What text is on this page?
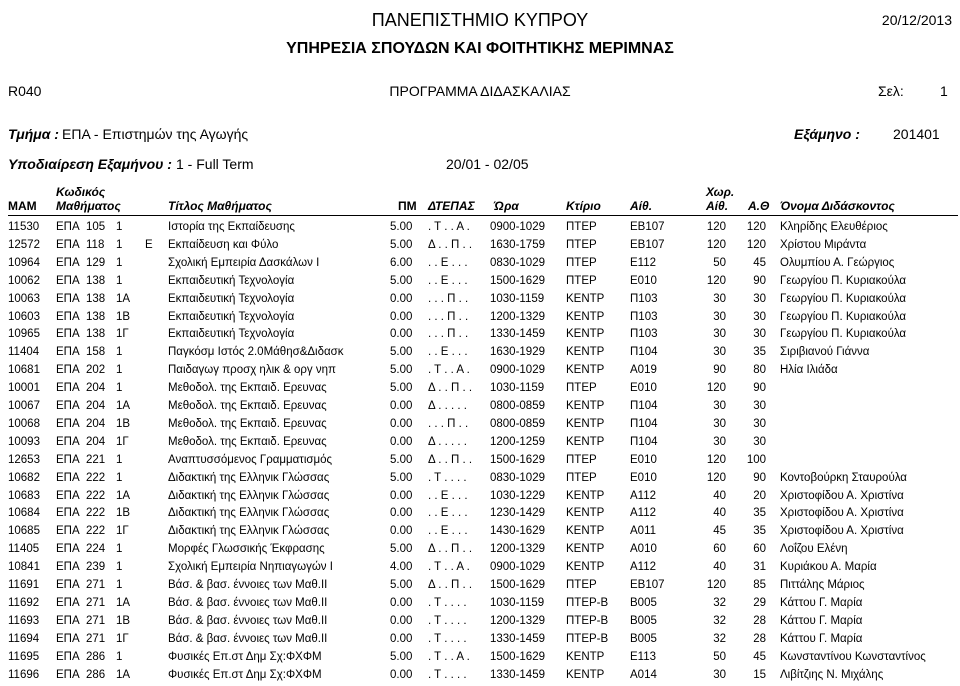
ΠΑΝΕΠΙΣΤΗΜΙΟ ΚΥΠΡΟΥ
ΥΠΗΡΕΣΙΑ ΣΠΟΥΔΩΝ ΚΑΙ ΦΟΙΤΗΤΙΚΗΣ ΜΕΡΙΜΝΑΣ
20/12/2013
R040	ΠΡΟΓΡΑΜΜΑ ΔΙΔΑΣΚΑΛΙΑΣ	Σελ:	1
Τμήμα : ΕΠΑ - Επιστημών της Αγωγής	Εξάμηνο : 201401
Υποδιαίρεση Εξαμήνου : 1 - Full Term	20/01 - 02/05
ΜΑΜ
Κωδικός
Μαθήματος	Τίτλος Μαθήματος	ΠΜ ΔΤΕΠΑΣ Ώρα	Κτίριο Αίθ.
Χωρ.
Αίθ. Α.Θ Όνομα Διδάσκοντος
11530	ΕΠΑ 105 1	Ιστορία της Εκπαίδευσης	5.00	. Τ . . Α .	0900-1029	ΠΤΕΡ	ΕΒ107	120	120 Κληρίδης Ελευθέριος
12572	ΕΠΑ 118	1	Ε	Εκπαίδευση και Φύλο	5.00	Δ . . Π . .	1630-1759	ΠΤΕΡ	ΕΒ107	120	120 Χρίστου Μιράντα
10964	ΕΠΑ 129 1	Σχολική Εμπειρία Δασκάλων Ι	6.00	. . Ε . . .	0830-1029	ΠΤΕΡ	Ε112	50	45 Ολυμπίου Α. Γεώργιος
10062	ΕΠΑ 138 1	Εκπαιδευτική Τεχνολογία	5.00	. . Ε . . .	1500-1629	ΠΤΕΡ	Ε010	120	90 Γεωργίου Π. Κυριακούλα
10063	ΕΠΑ 138 1Α	Εκπαιδευτική Τεχνολογία	0.00	. . . Π . .	1030-1159	ΚΕΝΤΡ	Π103	30	30 Γεωργίου Π. Κυριακούλα
10603	ΕΠΑ 138 1Β	Εκπαιδευτική Τεχνολογία	0.00	. . . Π . .	1200-1329	ΚΕΝΤΡ	Π103	30	30 Γεωργίου Π. Κυριακούλα
10965	ΕΠΑ 138 1Γ	Εκπαιδευτική Τεχνολογία	0.00	. . . Π . .	1330-1459	ΚΕΝΤΡ	Π103	30	30 Γεωργίου Π. Κυριακούλα
11404	ΕΠΑ 158 1	Παγκόσμ Ιστός 2.0Μάθησ&Διδασκ	5.00	. . Ε . . .	1630-1929	ΚΕΝΤΡ	Π104	30	35 Σιριβιανού Γιάννα
10681	ΕΠΑ 202 1	Παιδαγωγ προσχ ηλικ & οργ νηπ	5.00	. Τ . . Α .	0900-1029	ΚΕΝΤΡ	Α019	90	80 Ηλία Ιλιάδα
10001	ΕΠΑ 204 1	Μεθοδολ. της Εκπαιδ. Ερευνας	5.00	Δ . . Π . .	1030-1159	ΠΤΕΡ	Ε010	120	90
10067	ΕΠΑ 204 1Α	Μεθοδολ. της Εκπαιδ. Ερευνας	0.00	Δ . . . . .	0800-0859	ΚΕΝΤΡ	Π104	30	30
10068	ΕΠΑ 204 1Β	Μεθοδολ. της Εκπαιδ. Ερευνας	0.00	. . . Π . .	0800-0859	ΚΕΝΤΡ	Π104	30	30
10093	ΕΠΑ 204 1Γ	Μεθοδολ. της Εκπαιδ. Ερευνας	0.00	Δ . . . . .	1200-1259	ΚΕΝΤΡ	Π104	30	30
12653	ΕΠΑ 221 1	Αναπτυσσόμενος Γραμματισμός	5.00	Δ . . Π . .	1500-1629	ΠΤΕΡ	Ε010	120	100
10682	ΕΠΑ 222 1	Διδακτική της Ελληνικ Γλώσσας	5.00	. Τ . . . .	0830-1029	ΠΤΕΡ	Ε010	120	90 Κοντοβούρκη Σταυρούλα
10683	ΕΠΑ 222 1Α	Διδακτική της Ελληνικ Γλώσσας	0.00	. . Ε . . .	1030-1229	ΚΕΝΤΡ	Α112	40	20 Χριστοφίδου Α. Χριστίνα
10684	ΕΠΑ 222 1Β	Διδακτική της Ελληνικ Γλώσσας	0.00	. . Ε . . .	1230-1429	ΚΕΝΤΡ	Α112	40	35 Χριστοφίδου Α. Χριστίνα
10685	ΕΠΑ 222 1Γ	Διδακτική της Ελληνικ Γλώσσας	0.00	. . Ε . . .	1430-1629	ΚΕΝΤΡ	Α011	45	35 Χριστοφίδου Α. Χριστίνα
11405	ΕΠΑ 224 1	Μορφές Γλωσσικής Έκφρασης	5.00	Δ . . Π . .	1200-1329	ΚΕΝΤΡ	Α010	60	60 Λοΐζου Ελένη
10841	ΕΠΑ 239 1	Σχολική Εμπειρία Νηπιαγωγών Ι	4.00	. Τ . . Α .	0900-1029	ΚΕΝΤΡ	Α112	40	31 Κυριάκου Α. Μαρία
11691	ΕΠΑ 271 1	Βάσ. & βασ. έννοιες των Μαθ.ΙΙ	5.00	Δ . . Π . .	1500-1629	ΠΤΕΡ	ΕΒ107	120	85 Πιττάλης Μάριος
11692	ΕΠΑ 271 1Α	Βάσ. & βασ. έννοιες των Μαθ.ΙΙ	0.00	. Τ . . . .	1030-1159	ΠΤΕΡ-Β	Β005	32	29 Κάττου Γ. Μαρία
11693	ΕΠΑ 271 1Β	Βάσ. & βασ. έννοιες των Μαθ.ΙΙ	0.00	. Τ . . . .	1200-1329	ΠΤΕΡ-Β	Β005	32	28 Κάττου Γ. Μαρία
11694	ΕΠΑ 271 1Γ	Βάσ. & βασ. έννοιες των Μαθ.ΙΙ	0.00	. Τ . . . .	1330-1459	ΠΤΕΡ-Β	Β005	32	28 Κάττου Γ. Μαρία
11695	ΕΠΑ 286 1	Φυσικές Επ.στ Δημ Σχ:ΦΧΦΜ	5.00	. Τ . . Α .	1500-1629	ΚΕΝΤΡ	Ε113	50	45 Κωνσταντίνου Κωνσταντίνος
11696	ΕΠΑ 286 1Α	Φυσικές Επ.στ Δημ Σχ:ΦΧΦΜ	0.00	. Τ . . . .	1330-1459	ΚΕΝΤΡ	Α014	30	15 Λιβίτζιης Ν. Μιχάλης
